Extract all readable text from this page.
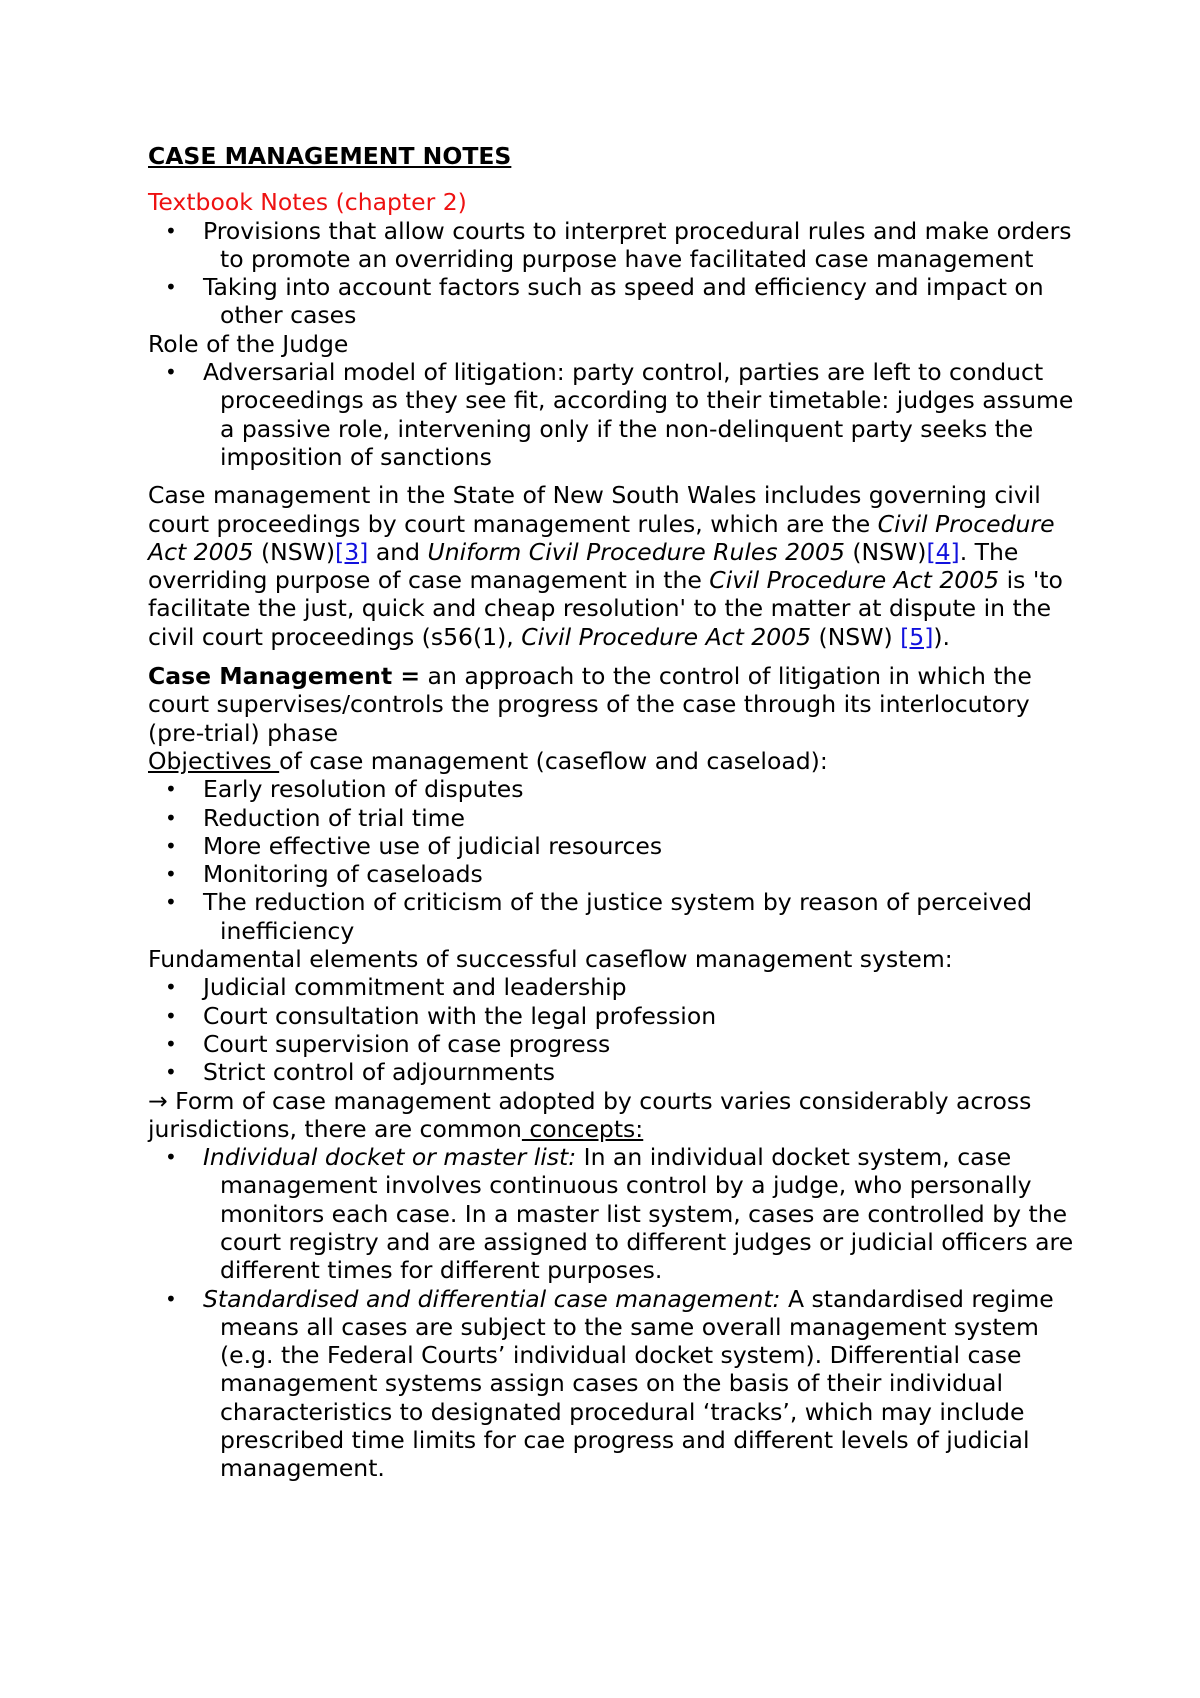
CASE MANAGEMENT NOTES

Textbook Notes (chapter 2)

• Provisions that allow courts to interpret procedural rules and make orders to promote an overriding purpose have facilitated case management
• Taking into account factors such as speed and efficiency and impact on other cases

Role of the Judge

• Adversarial model of litigation: party control, parties are left to conduct proceedings as they see fit, according to their timetable: judges assume a passive role, intervening only if the non-delinquent party seeks the imposition of sanctions

Case management in the State of New South Wales includes governing civil court proceedings by court management rules, which are the Civil Procedure Act 2005 (NSW)[3] and Uniform Civil Procedure Rules 2005 (NSW)[4]. The overriding purpose of case management in the Civil Procedure Act 2005 is 'to facilitate the just, quick and cheap resolution' to the matter at dispute in the civil court proceedings (s56(1), Civil Procedure Act 2005 (NSW) [5]).

Case Management = an approach to the control of litigation in which the court supervises/controls the progress of the case through its interlocutory (pre-trial) phase

Objectives of case management (caseflow and caseload):

• Early resolution of disputes
• Reduction of trial time
• More effective use of judicial resources
• Monitoring of caseloads
• The reduction of criticism of the justice system by reason of perceived inefficiency

Fundamental elements of successful caseflow management system:

• Judicial commitment and leadership
• Court consultation with the legal profession
• Court supervision of case progress
• Strict control of adjournments

→ Form of case management adopted by courts varies considerably across jurisdictions, there are common concepts:

• Individual docket or master list: In an individual docket system, case management involves continuous control by a judge, who personally monitors each case. In a master list system, cases are controlled by the court registry and are assigned to different judges or judicial officers are different times for different purposes.
• Standardised and differential case management: A standardised regime means all cases are subject to the same overall management system (e.g. the Federal Courts’ individual docket system). Differential case management systems assign cases on the basis of their individual characteristics to designated procedural ‘tracks’, which may include prescribed time limits for cae progress and different levels of judicial management.
